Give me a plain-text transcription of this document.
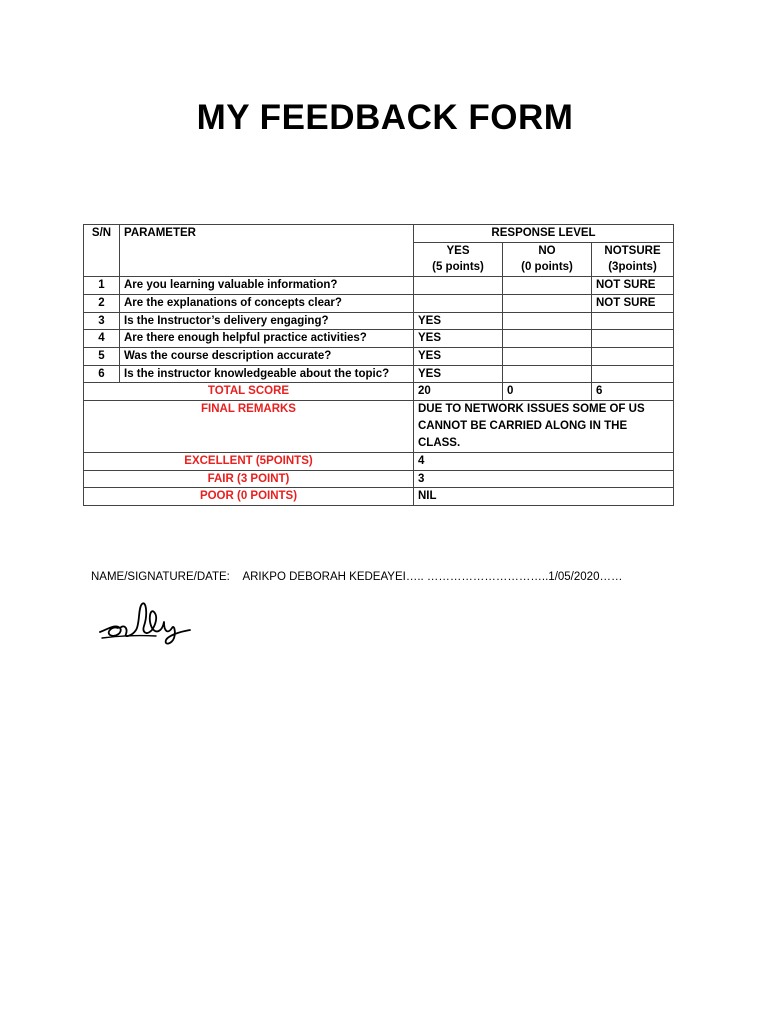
MY FEEDBACK FORM
S/N	PARAMETER	RESPONSE LEVEL		
		YES	NO	NOTSURE
		(5 points)	(0 points)	(3points)
1	Are you learning valuable information?			NOT SURE
2	Are the explanations of concepts clear?			NOT SURE
3	Is the Instructor’s delivery engaging?	YES		
4	Are there enough helpful practice activities?	YES		
5	Was the course description accurate?	YES		
6	Is the instructor knowledgeable about the topic?	YES		
TOTAL SCORE		20	0	6
FINAL REMARKS		DUE TO NETWORK ISSUES SOME OF US CANNOT BE CARRIED ALONG IN THE CLASS.		
EXCELLENT (5POINTS)		4		
FAIR (3 POINT)		3		
POOR (0 POINTS)		NIL		
NAME/SIGNATURE/DATE: ARIKPO DEBORAH KEDEAYEI….. …………………………..1/05/2020……
